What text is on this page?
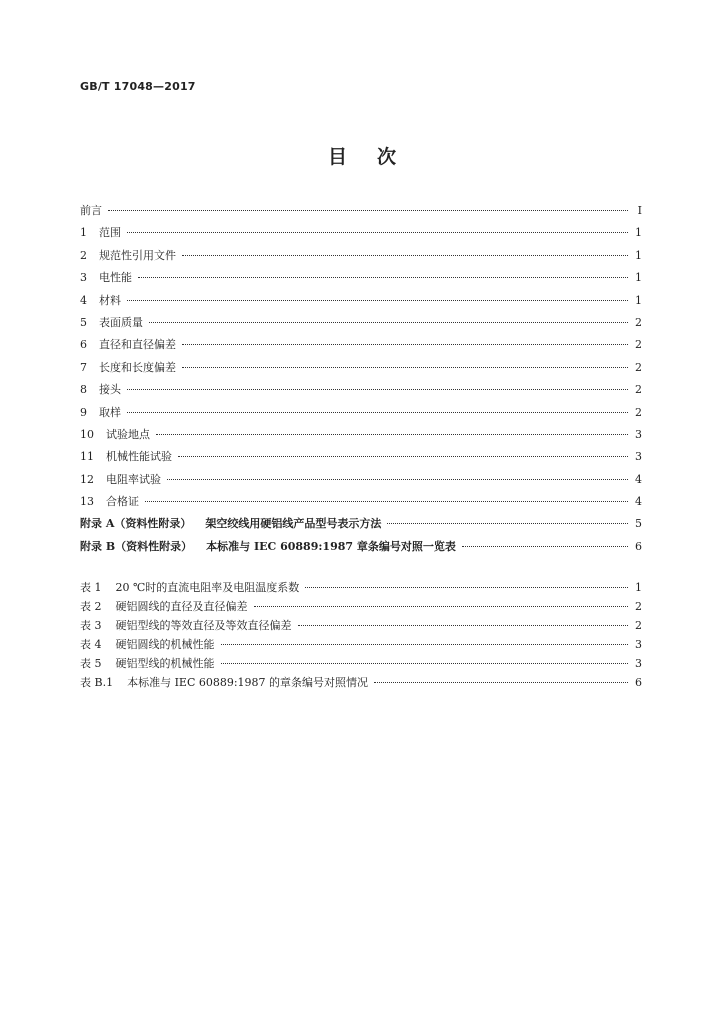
GB/T 17048—2017
目次
前言	Ⅰ
1 范围	1
2 规范性引用文件	1
3 电性能	1
4 材料	1
5 表面质量	2
6 直径和直径偏差	2
7 长度和长度偏差	2
8 接头	2
9 取样	2
10 试验地点	3
11 机械性能试验	3
12 电阻率试验	4
13 合格证	4
附录 A（资料性附录） 架空绞线用硬铝线产品型号表示方法	5
附录 B（资料性附录） 本标准与 IEC 60889:1987 章条编号对照一览表	6
表 1 20 ℃时的直流电阻率及电阻温度系数	1
表 2 硬铝圆线的直径及直径偏差	2
表 3 硬铝型线的等效直径及等效直径偏差	2
表 4 硬铝圆线的机械性能	3
表 5 硬铝型线的机械性能	3
表 B.1 本标准与 IEC 60889:1987 的章条编号对照情况	6
